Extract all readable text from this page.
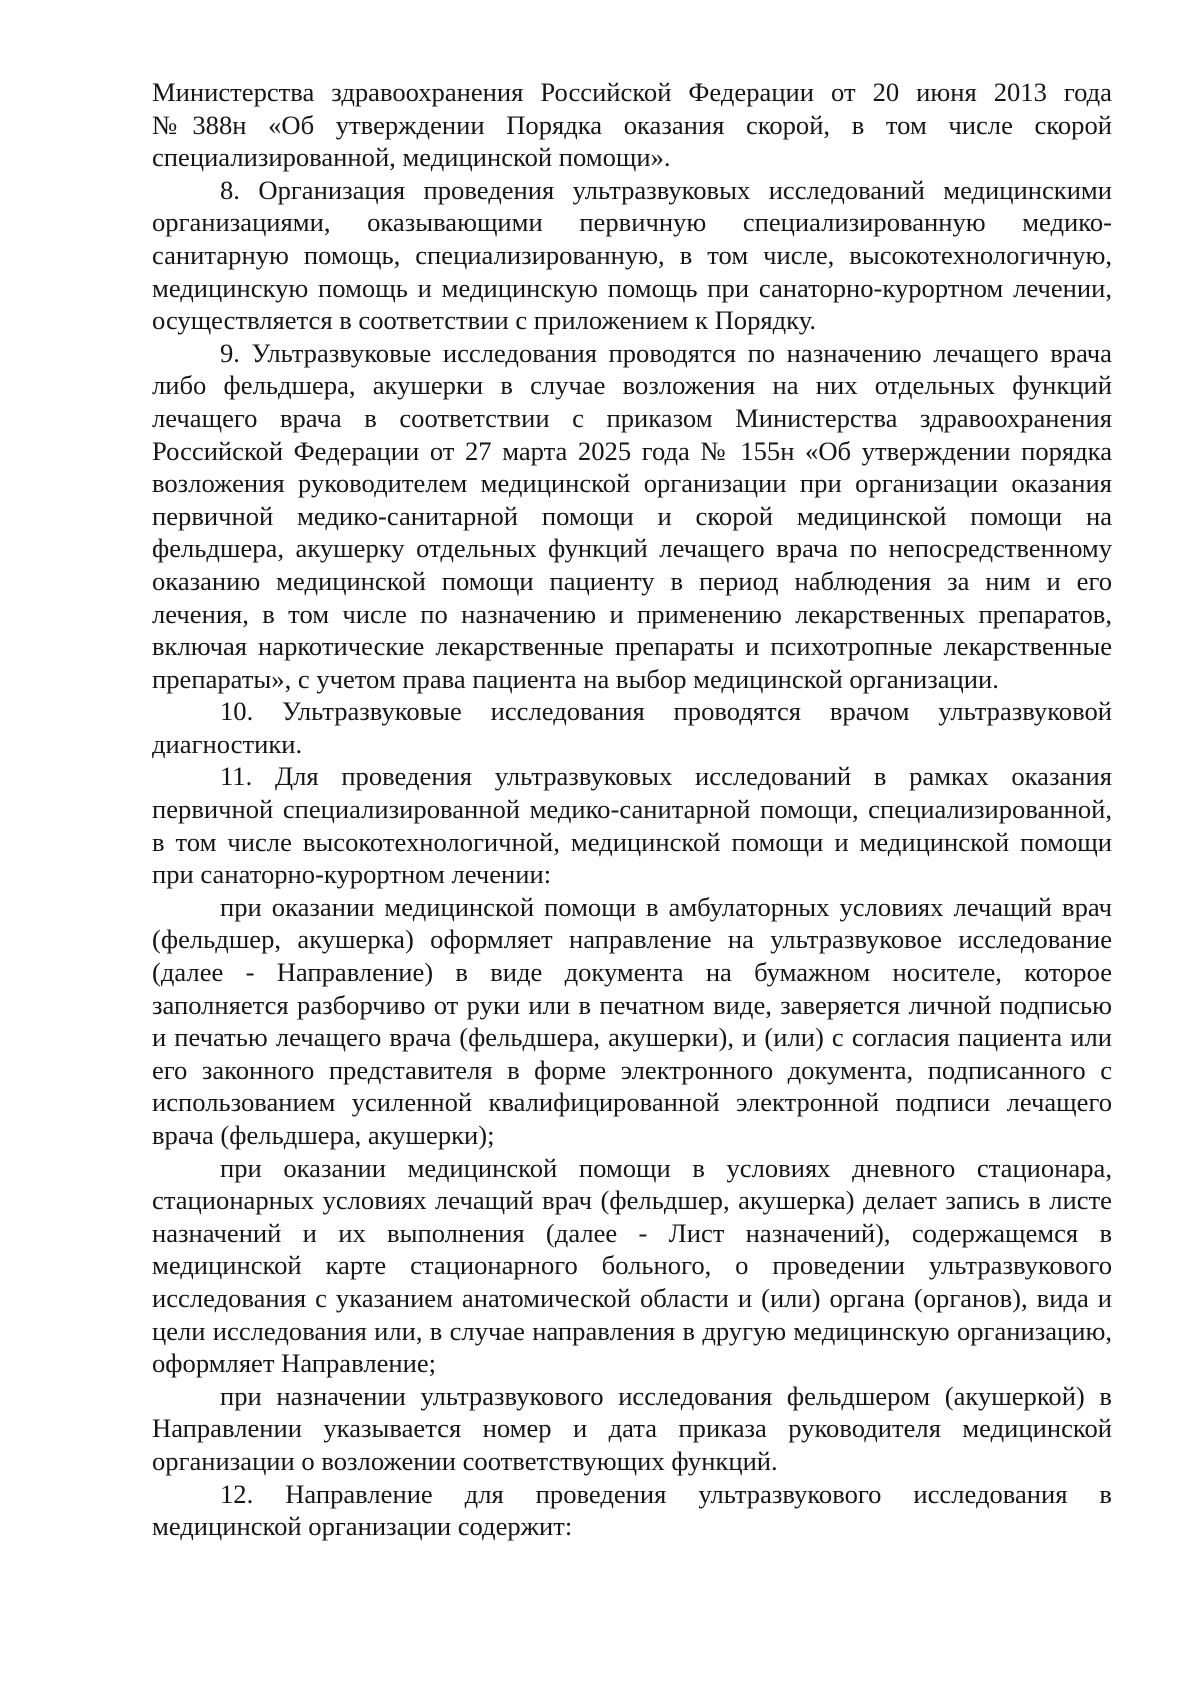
Министерства здравоохранения Российской Федерации от 20 июня 2013 года №388н «Об утверждении Порядка оказания скорой, в том числе скорой специализированной, медицинской помощи».

8. Организация проведения ультразвуковых исследований медицинскими организациями, оказывающими первичную специализированную медико-санитарную помощь, специализированную, в том числе, высокотехнологичную, медицинскую помощь и медицинскую помощь при санаторно-курортном лечении, осуществляется в соответствии с приложением к Порядку.

9. Ультразвуковые исследования проводятся по назначению лечащего врача либо фельдшера, акушерки в случае возложения на них отдельных функций лечащего врача в соответствии с приказом Министерства здравоохранения Российской Федерации от 27 марта 2025 года № 155н «Об утверждении порядка возложения руководителем медицинской организации при организации оказания первичной медико-санитарной помощи и скорой медицинской помощи на фельдшера, акушерку отдельных функций лечащего врача по непосредственному оказанию медицинской помощи пациенту в период наблюдения за ним и его лечения, в том числе по назначению и применению лекарственных препаратов, включая наркотические лекарственные препараты и психотропные лекарственные препараты», с учетом права пациента на выбор медицинской организации.

10. Ультразвуковые исследования проводятся врачом ультразвуковой диагностики.

11. Для проведения ультразвуковых исследований в рамках оказания первичной специализированной медико-санитарной помощи, специализированной, в том числе высокотехнологичной, медицинской помощи и медицинской помощи при санаторно-курортном лечении:

при оказании медицинской помощи в амбулаторных условиях лечащий врач (фельдшер, акушерка) оформляет направление на ультразвуковое исследование (далее - Направление) в виде документа на бумажном носителе, которое заполняется разборчиво от руки или в печатном виде, заверяется личной подписью и печатью лечащего врача (фельдшера, акушерки), и (или) с согласия пациента или его законного представителя в форме электронного документа, подписанного с использованием усиленной квалифицированной электронной подписи лечащего врача (фельдшера, акушерки);

при оказании медицинской помощи в условиях дневного стационара, стационарных условиях лечащий врач (фельдшер, акушерка) делает запись в листе назначений и их выполнения (далее - Лист назначений), содержащемся в медицинской карте стационарного больного, о проведении ультразвукового исследования с указанием анатомической области и (или) органа (органов), вида и цели исследования или, в случае направления в другую медицинскую организацию, оформляет Направление;

при назначении ультразвукового исследования фельдшером (акушеркой) в Направлении указывается номер и дата приказа руководителя медицинской организации о возложении соответствующих функций.

12. Направление для проведения ультразвукового исследования в медицинской организации содержит:
